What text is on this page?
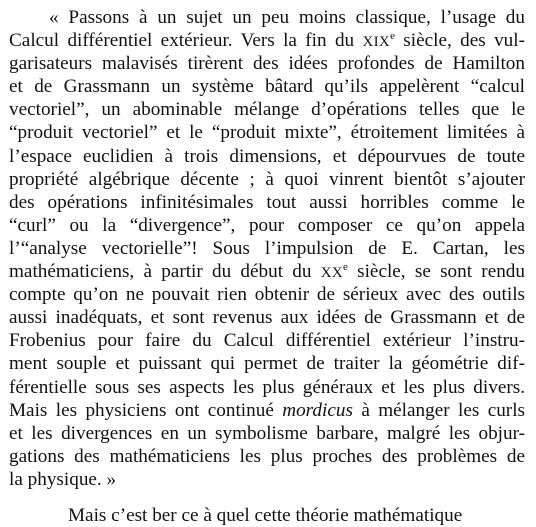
« Passons à un sujet un peu moins classique, l’usage du
Calcul différentiel extérieur. Vers la fin du XIXe siècle, des vul-
garisateurs malavisés tirèrent des idées profondes de Hamilton
et de Grassmann un système bâtard qu’ils appelèrent “calcul
vectoriel”, un abominable mélange d’opérations telles que le
“produit vectoriel” et le “produit mixte”, étroitement limitées à
l’espace euclidien à trois dimensions, et dépourvues de toute
propriété algébrique décente ; à quoi vinrent bientôt s’ajouter
des opérations infinitésimales tout aussi horribles comme le
“curl” ou la “divergence”, pour composer ce qu’on appela
l’“analyse vectorielle”! Sous l’impulsion de E. Cartan, les
mathématiciens, à partir du début du XXe siècle, se sont rendu
compte qu’on ne pouvait rien obtenir de sérieux avec des outils
aussi inadéquats, et sont revenus aux idées de Grassmann et de
Frobenius pour faire du Calcul différentiel extérieur l’instru-
ment souple et puissant qui permet de traiter la géométrie dif-
férentielle sous ses aspects les plus généraux et les plus divers.
Mais les physiciens ont continué mordicus à mélanger les curls
et les divergences en un symbolisme barbare, malgré les objur-
gations des mathématiciens les plus proches des problèmes de
la physique. »
Mais c’est ber ce à quel cette théorie mathématique
